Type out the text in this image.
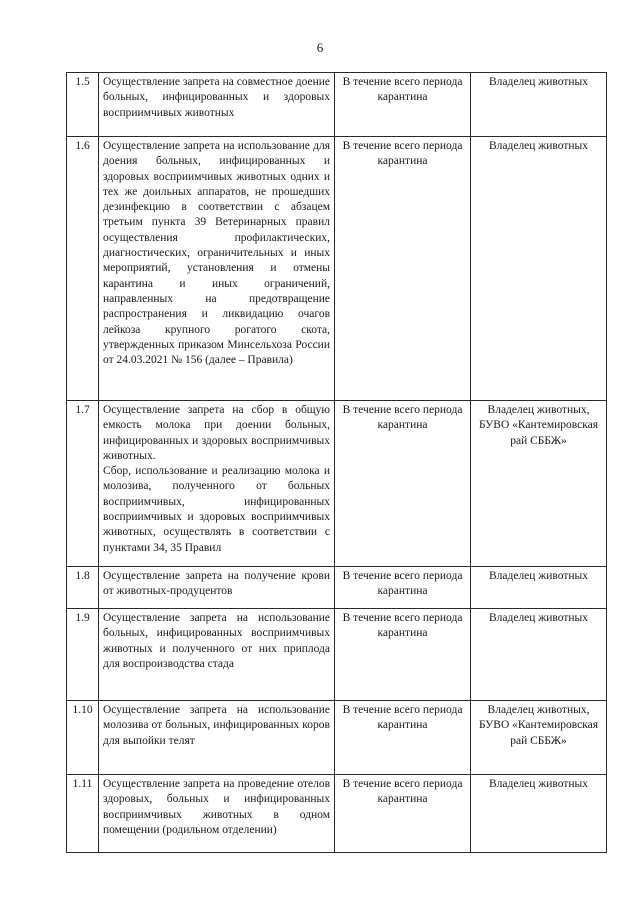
6
1.5	Осуществление запрета на совместное доение больных, инфицированных и здоровых восприимчивых животных	В течение всего периода карантина	Владелец животных
1.6	Осуществление запрета на использование для доения больных, инфицированных и здоровых восприимчивых животных одних и тех же доильных аппаратов, не прошедших дезинфекцию в соответствии с абзацем третьим пункта 39 Ветеринарных правил осуществления профилактических, диагностических, ограничительных и иных мероприятий, установления и отмены карантина и иных ограничений, направленных на предотвращение распространения и ликвидацию очагов лейкоза крупного рогатого скота, утвержденных приказом Минсельхоза России от 24.03.2021 № 156 (далее – Правила)	В течение всего периода карантина	Владелец животных
1.7	Осуществление запрета на сбор в общую емкость молока при доении больных, инфицированных и здоровых восприимчивых животных.
Сбор, использование и реализацию молока и молозива, полученного от больных восприимчивых, инфицированных восприимчивых и здоровых восприимчивых животных, осуществлять в соответствии с пунктами 34, 35 Правил	В течение всего периода карантина	Владелец животных, БУВО «Кантемировская рай СББЖ»
1.8	Осуществление запрета на получение крови от животных-продуцентов	В течение всего периода карантина	Владелец животных
1.9	Осуществление запрета на использование больных, инфицированных восприимчивых животных и полученного от них приплода для воспроизводства стада	В течение всего периода карантина	Владелец животных
1.10	Осуществление запрета на использование молозива от больных, инфицированных коров для выпойки телят	В течение всего периода карантина	Владелец животных, БУВО «Кантемировская рай СББЖ»
1.11	Осуществление запрета на проведение отелов здоровых, больных и инфицированных восприимчивых животных в одном помещении (родильном отделении)	В течение всего периода карантина	Владелец животных
